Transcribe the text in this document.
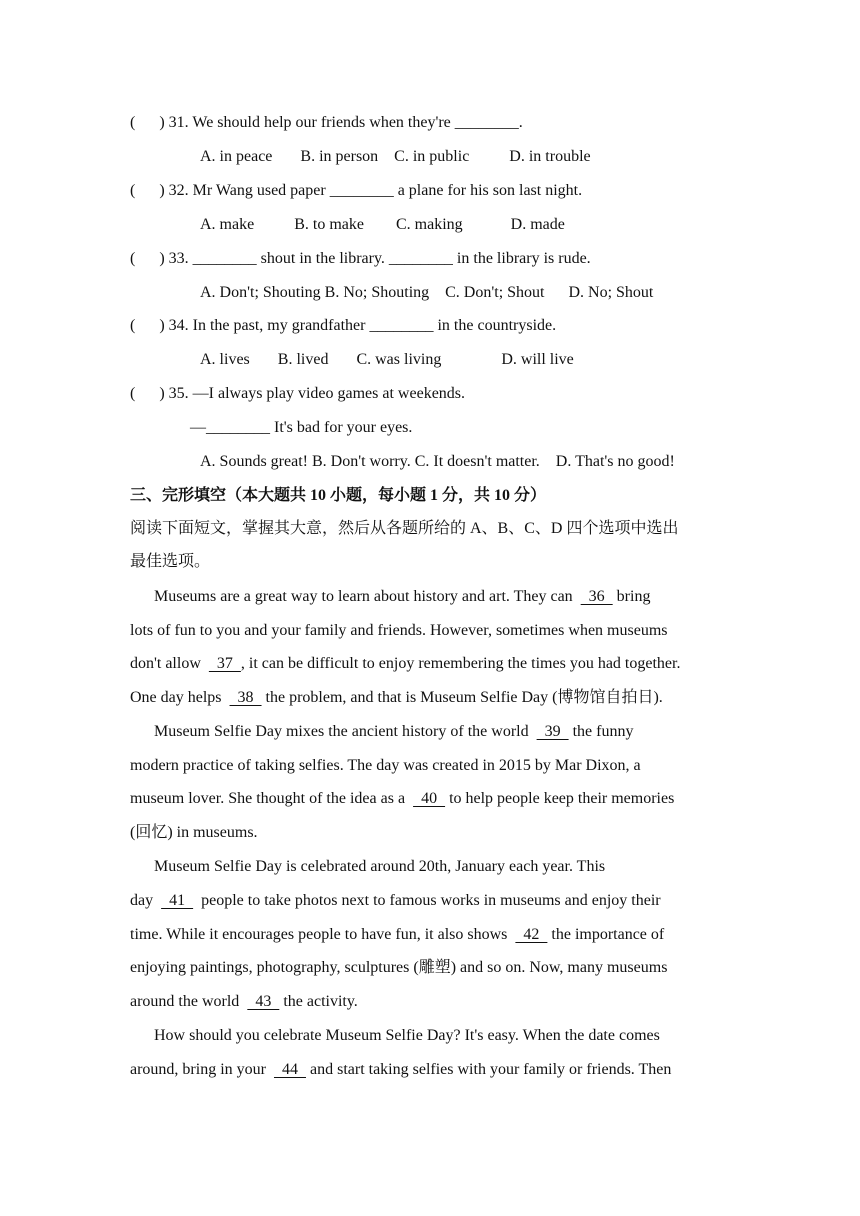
(      ) 31. We should help our friends when they're ________.
A. in peace       B. in person    C. in public          D. in trouble
(      ) 32. Mr Wang used paper ________ a plane for his son last night.
A. make          B. to make        C. making            D. made
(      ) 33. ________ shout in the library. ________ in the library is rude.
A. Don't; Shouting B. No; Shouting    C. Don't; Shout      D. No; Shout
(      ) 34. In the past, my grandfather ________ in the countryside.
A. lives       B. lived       C. was living               D. will live
(      ) 35. —I always play video games at weekends.
—________ It's bad for your eyes.
A. Sounds great! B. Don't worry. C. It doesn't matter.    D. That's no good!
三、完形填空（本大题共 10 小题，每小题 1 分，共 10 分）
阅读下面短文，掌握其大意，然后从各题所给的 A、B、C、D 四个选项中选出
最佳选项。
Museums are a great way to learn about history and art. They can    36   bring
lots of fun to you and your family and friends. However, sometimes when museums
don't allow    37  , it can be difficult to enjoy remembering the times you had together.
One day helps    38   the problem, and that is Museum Selfie Day (博物馆自拍日).
Museum Selfie Day mixes the ancient history of the world    39   the funny
modern practice of taking selfies. The day was created in 2015 by Mar Dixon, a
museum lover. She thought of the idea as a    40   to help people keep their memories
(回忆) in museums.
Museum Selfie Day is celebrated around 20th, January each year. This
day    41    people to take photos next to famous works in museums and enjoy their
time. While it encourages people to have fun, it also shows    42   the importance of
enjoying paintings, photography, sculptures (雕塑) and so on. Now, many museums
around the world    43   the activity.
How should you celebrate Museum Selfie Day? It's easy. When the date comes
around, bring in your    44   and start taking selfies with your family or friends. Then
